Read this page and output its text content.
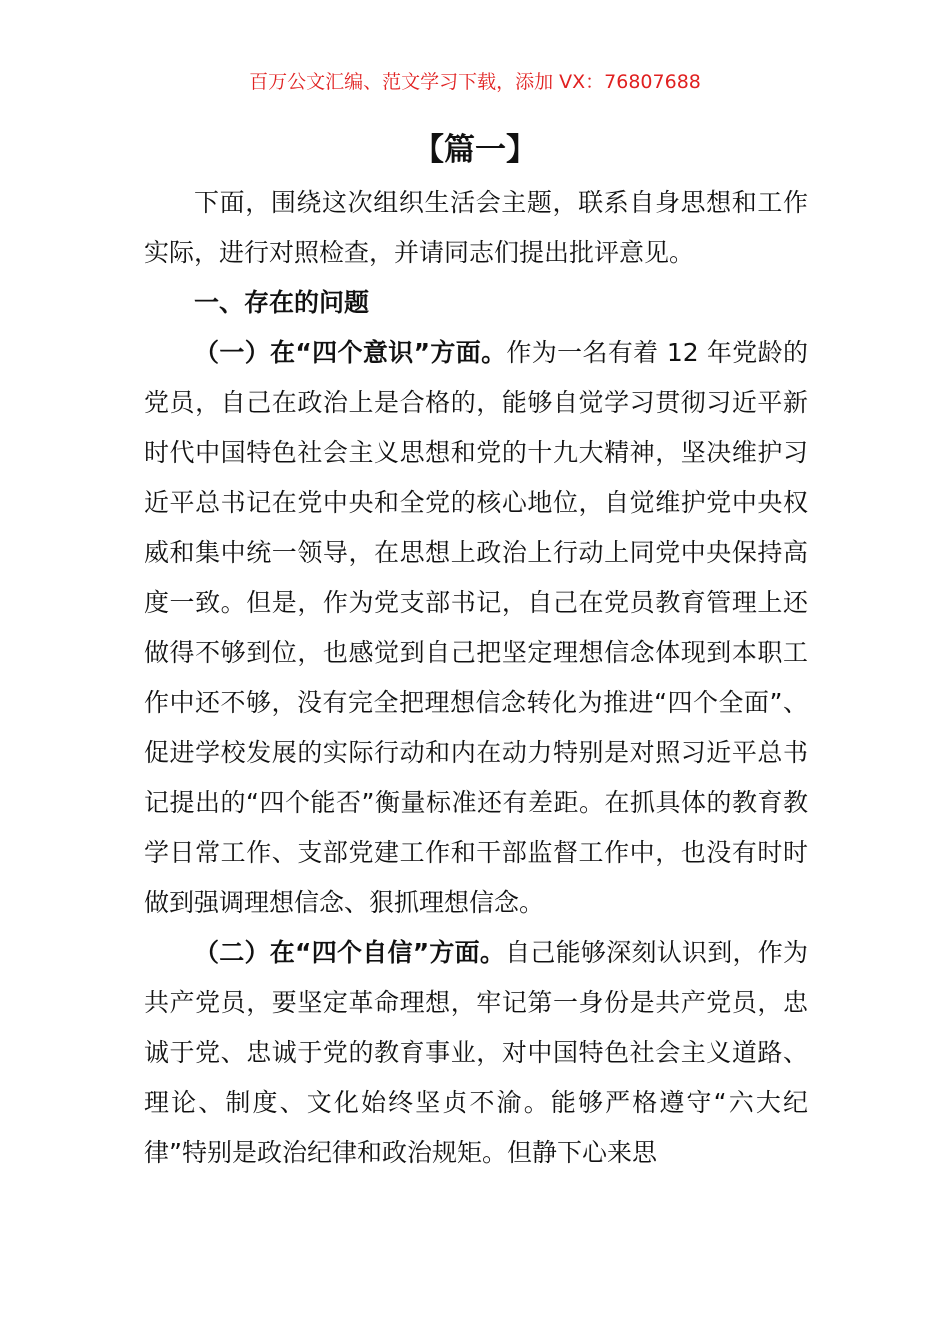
百万公文汇编、范文学习下载，添加 VX：76807688
【篇一】

下面，围绕这次组织生活会主题，联系自身思想和工作实际，进行对照检查，并请同志们提出批评意见。

一、存在的问题

（一）在“四个意识”方面。作为一名有着 12 年党龄的党员，自己在政治上是合格的，能够自觉学习贯彻习近平新时代中国特色社会主义思想和党的十九大精神，坚决维护习近平总书记在党中央和全党的核心地位，自觉维护党中央权威和集中统一领导，在思想上政治上行动上同党中央保持高度一致。但是，作为党支部书记，自己在党员教育管理上还做得不够到位，也感觉到自己把坚定理想信念体现到本职工作中还不够，没有完全把理想信念转化为推进“四个全面”、促进学校发展的实际行动和内在动力特别是对照习近平总书记提出的“四个能否”衡量标准还有差距。在抓具体的教育教学日常工作、支部党建工作和干部监督工作中，也没有时时做到强调理想信念、狠抓理想信念。

（二）在“四个自信”方面。自己能够深刻认识到，作为共产党员，要坚定革命理想，牢记第一身份是共产党员，忠诚于党、忠诚于党的教育事业，对中国特色社会主义道路、理论、制度、文化始终坚贞不渝。能够严格遵守“六大纪律”特别是政治纪律和政治规矩。但静下心来思
